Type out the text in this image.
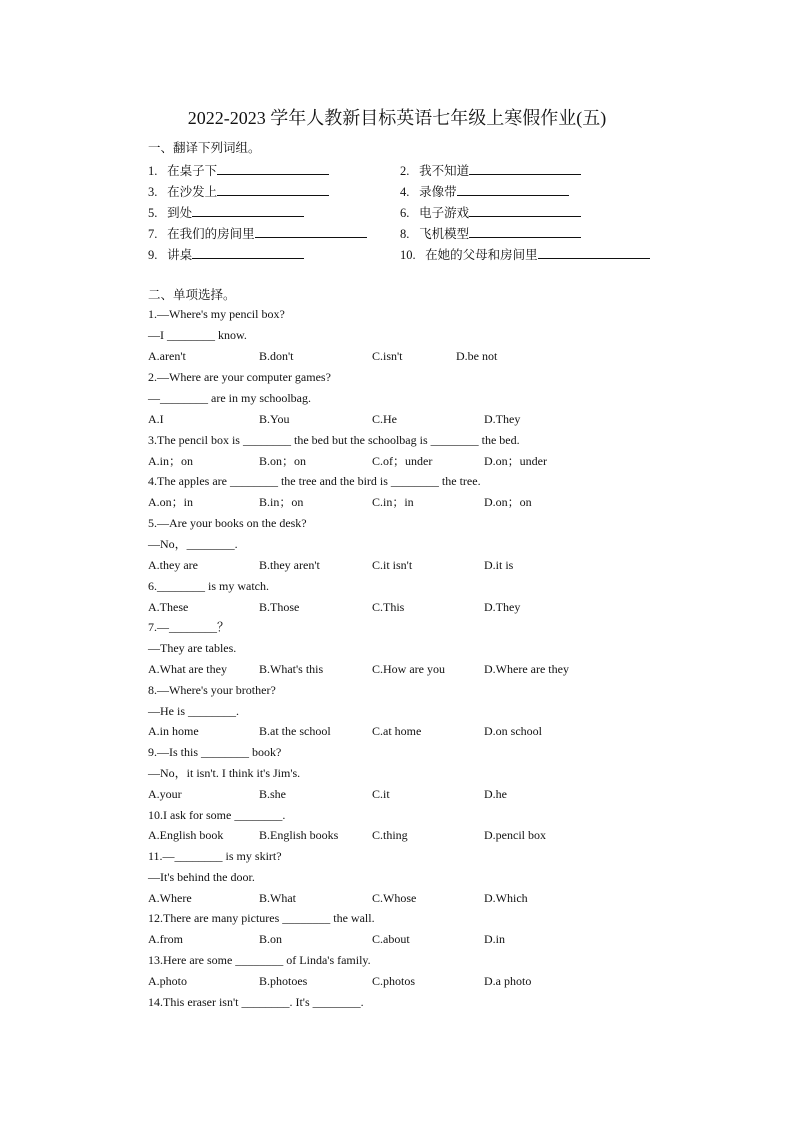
2022-2023 学年人教新目标英语七年级上寒假作业(五)
一、翻译下列词组。
1. 在桌子下	2. 我不知道
3. 在沙发上	4. 录像带
5. 到处	6. 电子游戏
7. 在我们的房间里	8. 飞机模型
9. 讲桌	10. 在她的父母和房间里
二、单项选择。
1.—Where's my pencil box?
—I ________ know.
A.aren't	B.don't	C.isn't	D.be not
2.—Where are your computer games?
—________ are in my schoolbag.
A.I	B.You	C.He	D.They
3.The pencil box is ________ the bed but the schoolbag is ________ the bed.
A.in；on	B.on；on	C.of；under	D.on；under
4.The apples are ________ the tree and the bird is ________ the tree.
A.on；in	B.in；on	C.in；in	D.on；on
5.—Are your books on the desk?
—No，________.
A.they are	B.they aren't	C.it isn't	D.it is
6.________ is my watch.
A.These	B.Those	C.This	D.They
7.—________？
—They are tables.
A.What are they	B.What's this	C.How are you	D.Where are they
8.—Where's your brother?
—He is ________.
A.in home	B.at the school	C.at home	D.on school
9.—Is this ________ book?
—No，it isn't. I think it's Jim's.
A.your	B.she	C.it	D.he
10.I ask for some ________.
A.English book	B.English books	C.thing	D.pencil box
11.—________ is my skirt?
—It's behind the door.
A.Where	B.What	C.Whose	D.Which
12.There are many pictures ________ the wall.
A.from	B.on	C.about	D.in
13.Here are some ________ of Linda's family.
A.photo	B.photoes	C.photos	D.a photo
14.This eraser isn't ________. It's ________.
